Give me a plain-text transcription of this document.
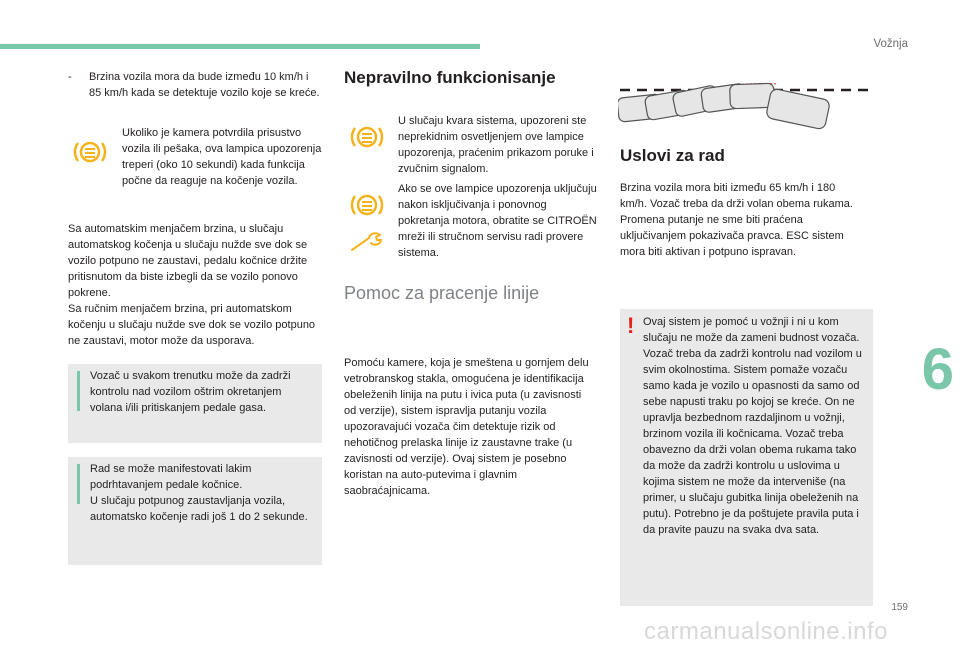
Vožnja
6
159
carmanualsonline.info
- Brzina vozila mora da bude između 10 km/h i 85 km/h kada se detektuje vozilo koje se kreće.
Ukoliko je kamera potvrdila prisustvo vozila ili pešaka, ova lampica upozorenja treperi (oko 10 sekundi) kada funkcija počne da reaguje na kočenje vozila.

Sa automatskim menjačem brzina, u slučaju automatskog kočenja u slučaju nužde sve dok se vozilo potpuno ne zaustavi, pedalu kočnice držite pritisnutom da biste izbegli da se vozilo ponovo pokrene.

Sa ručnim menjačem brzina, pri automatskom kočenju u slučaju nužde sve dok se vozilo potpuno ne zaustavi, motor može da usporava.

Vozač u svakom trenutku može da zadrži kontrolu nad vozilom oštrim okretanjem volana i/ili pritiskanjem pedale gasa.

Rad se može manifestovati lakim podrhtavanjem pedale kočnice.

U slučaju potpunog zaustavljanja vozila, automatsko kočenje radi još 1 do 2 sekunde.

Nepravilno funkcionisanje
U slučaju kvara sistema, upozoreni ste neprekidnim osvetljenjem ove lampice upozorenja, praćenim prikazom poruke i zvučnim signalom.
Ako se ove lampice upozorenja uključuju nakon isključivanja i ponovnog pokretanja motora, obratite se CITROËN mreži ili stručnom servisu radi provere sistema.
Pomoc za pracenje linije
Pomoću kamere, koja je smeštena u gornjem delu vetrobranskog stakla, omogućena je identifikacija obeleženih linija na putu i ivica puta (u zavisnosti od verzije), sistem ispravlja putanju vozila upozoravajući vozača čim detektuje rizik od nehotičnog prelaska linije iz zaustavne trake (u zavisnosti od verzije). Ovaj sistem je posebno koristan na auto-putevima i glavnim saobraćajnicama.
Uslovi za rad
Brzina vozila mora biti između 65 km/h i 180 km/h. Vozač treba da drži volan obema rukama. Promena putanje ne sme biti praćena uključivanjem pokazivača pravca. ESC sistem mora biti aktivan i potpuno ispravan.
! Ovaj sistem je pomoć u vožnji i ni u kom slučaju ne može da zameni budnost vozača. Vozač treba da zadrži kontrolu nad vozilom u svim okolnostima. Sistem pomaže vozaču samo kada je vozilo u opasnosti da samo od sebe napusti traku po kojoj se kreće. On ne upravlja bezbednom razdaljinom u vožnji, brzinom vozila ili kočnicama. Vozač treba obavezno da drži volan obema rukama tako da može da zadrži kontrolu u uslovima u kojima sistem ne može da interveniše (na primer, u slučaju gubitka linija obeleženih na putu). Potrebno je da poštujete pravila puta i da pravite pauzu na svaka dva sata.
